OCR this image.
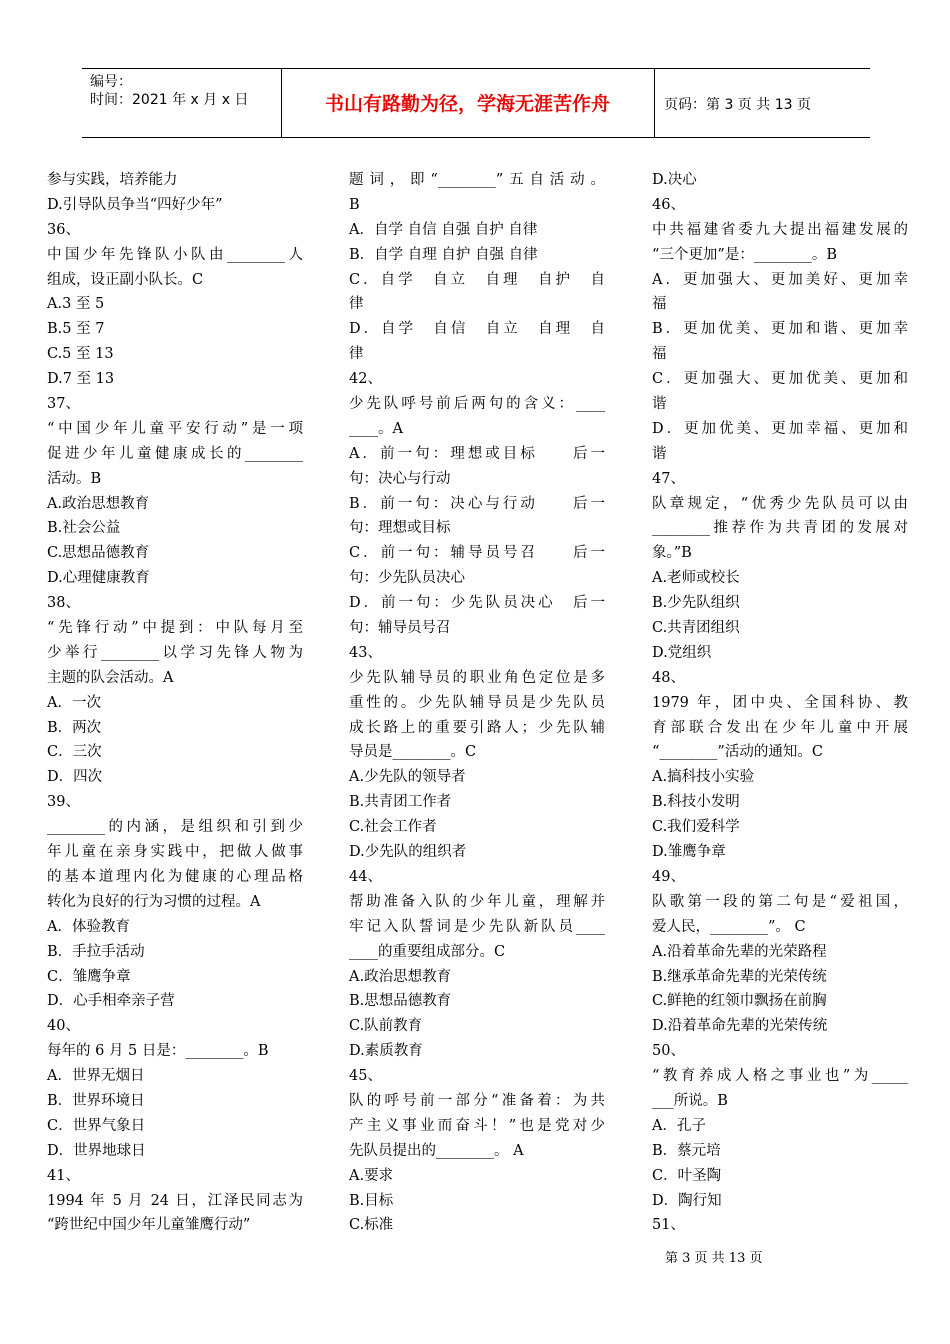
编号：
时间：2021 年 x 月 x 日	书山有路勤为径，学海无涯苦作舟	页码：第 3 页 共 13 页
参与实践，培养能力
D.引导队员争当“四好少年”
36、
中国少年先锋队小队由________人
组成，设正副小队长。C
A.3 至 5
B.5 至 7
C.5 至 13
D.7 至 13
37、
“中国少年儿童平安行动”是一项
促进少年儿童健康成长的________
活动。B
A.政治思想教育
B.社会公益
C.思想品德教育
D.心理健康教育
38、
“先锋行动”中提到：中队每月至
少举行________以学习先锋人物为
主题的队会活动。A
A．一次
B．两次
C．三次
D．四次
39、
________的内涵，是组织和引到少
年儿童在亲身实践中，把做人做事
的基本道理内化为健康的心理品格
转化为良好的行为习惯的过程。A
A．体验教育
B．手拉手活动
C．雏鹰争章
D．心手相牵亲子营
40、
每年的 6 月 5 日是：________。B
A．世界无烟日
B．世界环境日
C．世界气象日
D．世界地球日
41、
1994 年 5 月 24 日，江泽民同志为
“跨世纪中国少年儿童雏鹰行动”
题词，即“________”五自活动。
B
A．自学 自信 自强 自护 自律
B．自学 自理 自护 自强 自律
C．自学　自立　自理　自护　自
律
D．自学　自信　自立　自理　自
律
42、
少先队呼号前后两句的含义：____
____。A
A．前一句：理想或目标　　后一
句：决心与行动
B．前一句：决心与行动　　后一
句：理想或目标
C．前一句：辅导员号召　　后一
句：少先队员决心
D．前一句：少先队员决心　后一
句：辅导员号召
43、
少先队辅导员的职业角色定位是多
重性的。少先队辅导员是少先队员
成长路上的重要引路人；少先队辅
导员是________。C
A.少先队的领导者
B.共青团工作者
C.社会工作者
D.少先队的组织者
44、
帮助准备入队的少年儿童，理解并
牢记入队誓词是少先队新队员____
____的重要组成部分。C
A.政治思想教育
B.思想品德教育
C.队前教育
D.素质教育
45、
队的呼号前一部分“准备着：为共
产主义事业而奋斗！”也是党对少
先队员提出的________。 A
A.要求
B.目标
C.标准
D.决心
46、
中共福建省委九大提出福建发展的
“三个更加”是：________。B
A．更加强大、更加美好、更加幸
福
B．更加优美、更加和谐、更加幸
福
C．更加强大、更加优美、更加和
谐
D．更加优美、更加幸福、更加和
谐
47、
队章规定，“优秀少先队员可以由
________推荐作为共青团的发展对
象。”B
A.老师或校长
B.少先队组织
C.共青团组织
D.党组织
48、
1979 年，团中央、全国科协、教
育部联合发出在少年儿童中开展
“________”活动的通知。C
A.搞科技小实验
B.科技小发明
C.我们爱科学
D.雏鹰争章
49、
队歌第一段的第二句是“爱祖国，
爱人民，________”。 C
A.沿着革命先辈的光荣路程
B.继承革命先辈的光荣传统
C.鲜艳的红领巾飘扬在前胸
D.沿着革命先辈的光荣传统
50、
“教育养成人格之事业也”为_____
___所说。B
A．孔子
B．蔡元培
C．叶圣陶
D．陶行知
51、
第 3 页 共 13 页
